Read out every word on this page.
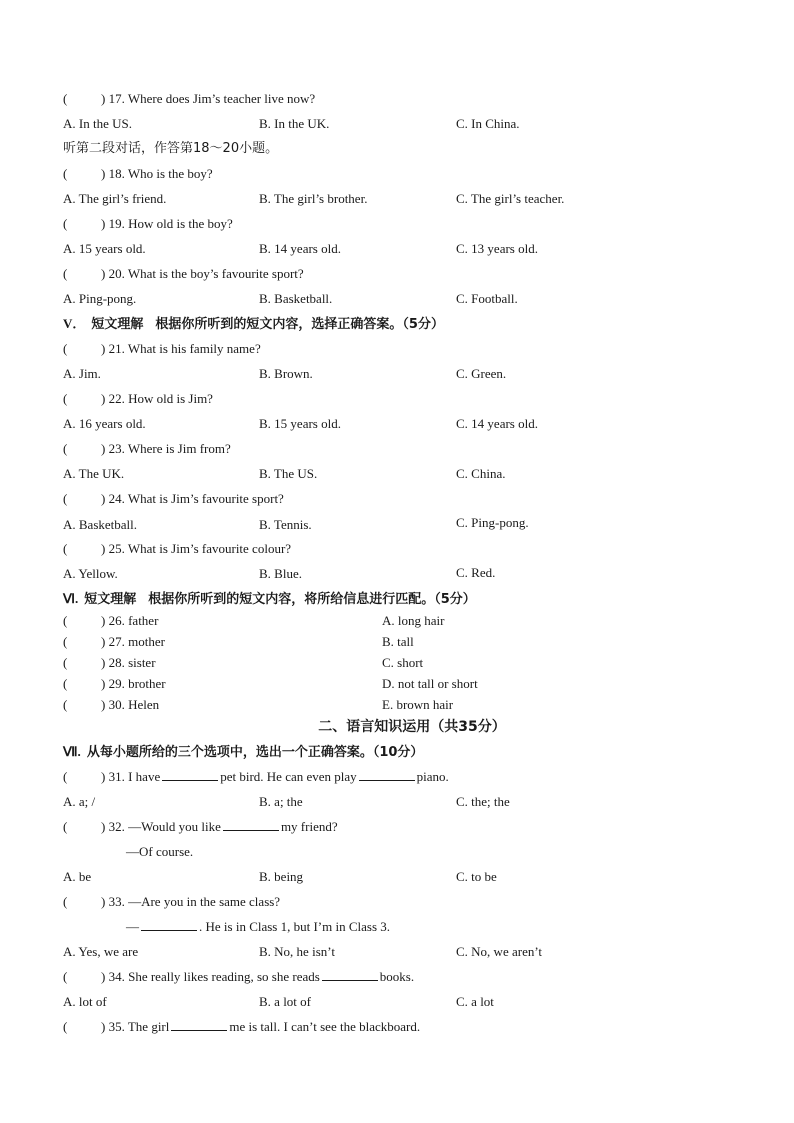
(	) 17. Where does Jim’s teacher live now?
A. In the US.	B. In the UK.	C. In China.
听第二段对话，作答第18～20小题。
(	) 18. Who is the boy?
A. The girl’s friend.	B. The girl’s brother.	C. The girl’s teacher.
(	) 19. How old is the boy?
A. 15 years old.	B. 14 years old.	C. 13 years old.
(	) 20. What is the boy’s favourite sport?
A. Ping-pong.	B. Basketball.	C. Football.
V． 短文理解 根据你所听到的短文内容，选择正确答案。（5分）
(	) 21. What is his family name?
A. Jim.	B. Brown.	C. Green.
(	) 22. How old is Jim?
A. 16 years old.	B. 15 years old.	C. 14 years old.
(	) 23. Where is Jim from?
A. The UK.	B. The US.	C. China.
(	) 24. What is Jim’s favourite sport?
A. Basketball.	B. Tennis.	C. Ping-pong.
(	) 25. What is Jim’s favourite colour?
A. Yellow.	B. Blue.	C. Red.
Ⅵ. 短文理解 根据你所听到的短文内容，将所给信息进行匹配。（5分）
(	) 26. father	A. long hair
(	) 27. mother	B. tall
(	) 28. sister	C. short
(	) 29. brother	D. not tall or short
(	) 30. Helen	E. brown hair
二、语言知识运用（共35分）
Ⅶ. 从每小题所给的三个选项中，选出一个正确答案。（10分）
(	) 31. I have	pet bird. He can even play	piano.
A. a; /	B. a; the	C. the; the
(	) 32. —Would you like	my friend?
—Of course.
A. be	B. being	C. to be
(	) 33. —Are you in the same class?
—	. He is in Class 1, but I’m in Class 3.
A. Yes, we are	B. No, he isn’t	C. No, we aren’t
(	) 34. She really likes reading, so she reads	books.
A. lot of	B. a lot of	C. a lot
(	) 35. The girl	me is tall. I can’t see the blackboard.
